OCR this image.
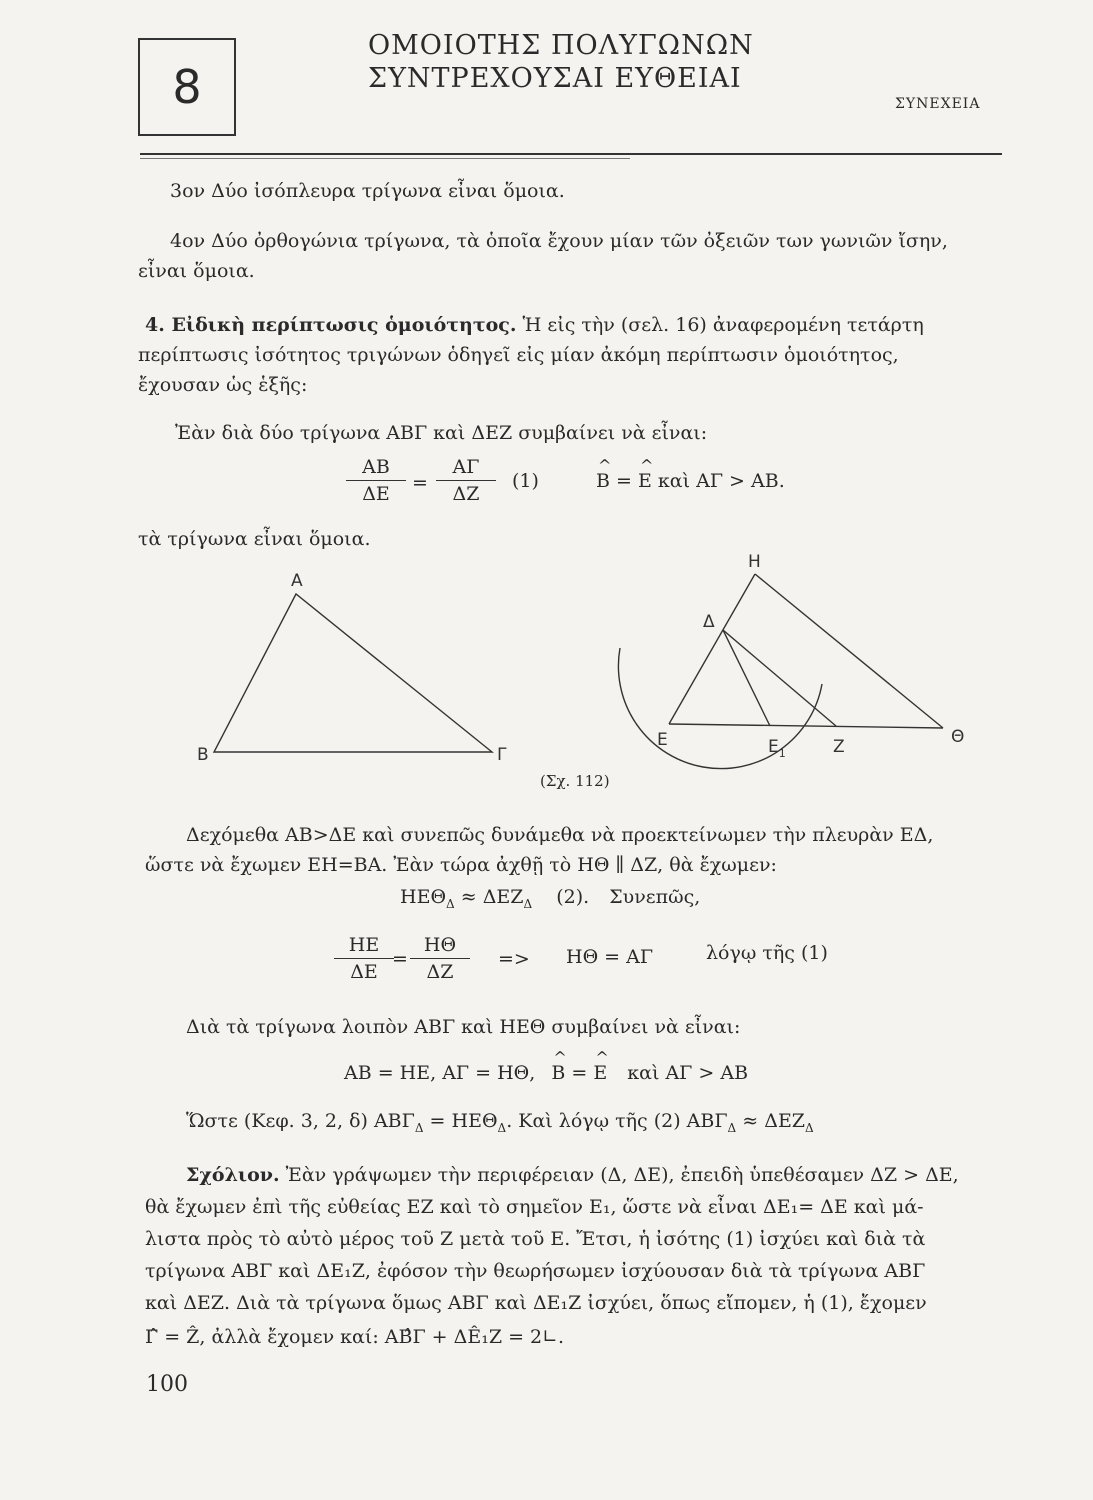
8
ΟΜΟΙΟΤΗΣ ΠΟΛΥΓΩΝΩΝ
ΣΥΝΤΡΕΧΟΥΣΑΙ ΕΥΘΕΙΑΙ
ΣΥΝΕΧΕΙΑ
3ον Δύο ἰσόπλευρα τρίγωνα εἶναι ὅμοια.
4ον Δύο ὀρθογώνια τρίγωνα, τὰ ὁποῖα ἔχουν μίαν τῶν ὀξειῶν των γωνιῶν ἴσην,
εἶναι ὅμοια.
4. Εἰδικὴ περίπτωσις ὁμοιότητος. Ἡ εἰς τὴν (σελ. 16) ἀναφερομένη τετάρτη
περίπτωσις ἰσότητος τριγώνων ὁδηγεῖ εἰς μίαν ἀκόμη περίπτωσιν ὁμοιότητος,
ἔχουσαν ὡς ἑξῆς:
Ἐὰν διὰ δύο τρίγωνα ΑΒΓ καὶ ΔΕΖ συμβαίνει νὰ εἶναι:
$\frac{AB}{\Delta E} = \frac{A\Gamma}{\Delta Z} (1)$	^ Β = ^ Ε καὶ ΑΓ > ΑΒ.
τὰ τρίγωνα εἶναι ὅμοια.
Α
Β	Γ
Η
Δ
Ε	$E_1$	Ζ	Θ
(Σχ. 112)
Δεχόμεθα ΑΒ>ΔΕ καὶ συνεπῶς δυνάμεθα νὰ προεκτείνωμεν τὴν πλευρὰν ΕΔ,
ὥστε νὰ ἔχωμεν ΕΗ=ΒΑ. Ἐὰν τώρα ἀχθῇ τὸ ΗΘ ∥ ΔΖ, θὰ ἔχωμεν:
$HE\Theta_\Delta \approx \Delta EZ_\Delta$ (2). Συνεπῶς,
$\frac{HE}{\Delta E}$
= $\frac{H\Theta}{\Delta Z} => H\Theta = A\Gamma$	λόγῳ τῆς (1)
Διὰ τὰ τρίγωνα λοιπὸν ΑΒΓ καὶ ΗΕΘ συμβαίνει νὰ εἶναι:
ΑΒ = ΗΕ, ΑΓ = ΗΘ, ^ Β = ^ Ε καὶ ΑΓ > ΑΒ
Ὥστε (Κεφ. 3, 2, δ) $AB\Gamma_\Delta = HE\Theta_\Delta$. Καὶ λόγῳ τῆς (2) $AB\Gamma_\Delta \approx \Delta EZ_\Delta$
Σχόλιον. Ἐὰν γράψωμεν τὴν περιφέρειαν (Δ, ΔΕ), ἐπειδὴ ὑπεθέσαμεν ΔΖ > ΔΕ,
θὰ ἔχωμεν ἐπὶ τῆς εὐθείας ΕΖ καὶ τὸ σημεῖον Ε₁, ὥστε νὰ εἶναι ΔΕ₁= ΔΕ καὶ μά-
λιστα πρὸς τὸ αὐτὸ μέρος τοῦ Ζ μετὰ τοῦ Ε. Ἔτσι, ἡ ἰσότης (1) ἰσχύει καὶ διὰ τὰ
τρίγωνα ΑΒΓ καὶ ΔΕ₁Ζ, ἐφόσον τὴν θεωρήσωμεν ἰσχύουσαν διὰ τὰ τρίγωνα ΑΒΓ
καὶ ΔΕΖ. Διὰ τὰ τρίγωνα ὅμως ΑΒΓ καὶ ΔΕ₁Ζ ἰσχύει, ὅπως εἴπομεν, ἡ (1), ἔχομεν
Γ̂ = Ẑ, ἀλλὰ ἔχομεν καί: ΑΒ̂Γ + ΔÊ₁Ζ = 2∟.
100
